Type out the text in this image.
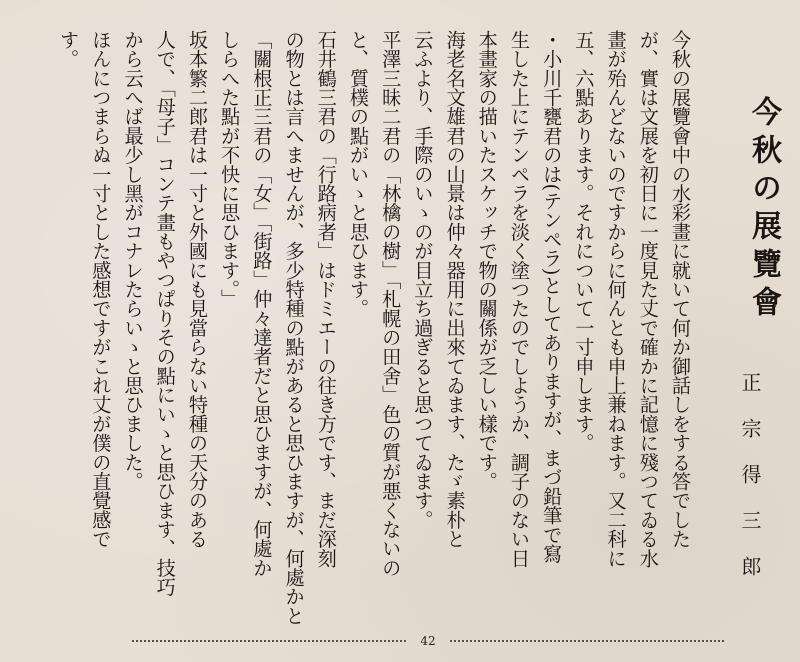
今秋の展覽會
正宗得三郎
今秋の展覽會中の水彩畫に就いて何か御話しをする答でした
が、實は文展を初日に一度見た丈で確かに記憶に殘つてゐる水
畫が殆んどないのですからに何んとも申上兼ねます。又二科に
五、六點あります。それについて一寸申します。
・小川千甕君のは(テンペラ)としてありますが、まづ鉛筆で寫
生した上にテンペラを淡く塗つたのでしようか、調子のない日
本畫家の描いたスケッチで物の關係が乏しい樣です。
海老名文雄君の山景は仲々器用に出來てゐます、たゞ素朴と
云ふより、手際のいゝのが目立ち過ぎると思つてゐます。
平澤三昧二君の「林檎の樹」「札幌の田舍」色の質が悪くないの
と、質樸の點がいゝと思ひます。
石井鶴三君の「行路病者」はドミエーの往き方です、まだ深刻
の物とは言へませんが、多少特種の點があると思ひますが、何處かと
「關根正三君の「女」「街路」仲々達者だと思ひますが、何處か
しらへた點が不快に思ひます。」
坂本繁二郎君は一寸と外國にも見當らない特種の天分のある
人で、「母子」コンテ畫もやつぱりその點にいゝと思ひます、技巧
から云へば最少し黑がコナレたらいゝと思ひました。
ほんにつまらぬ一寸とした感想ですがこれ丈が僕の直覺感で
す。
42
